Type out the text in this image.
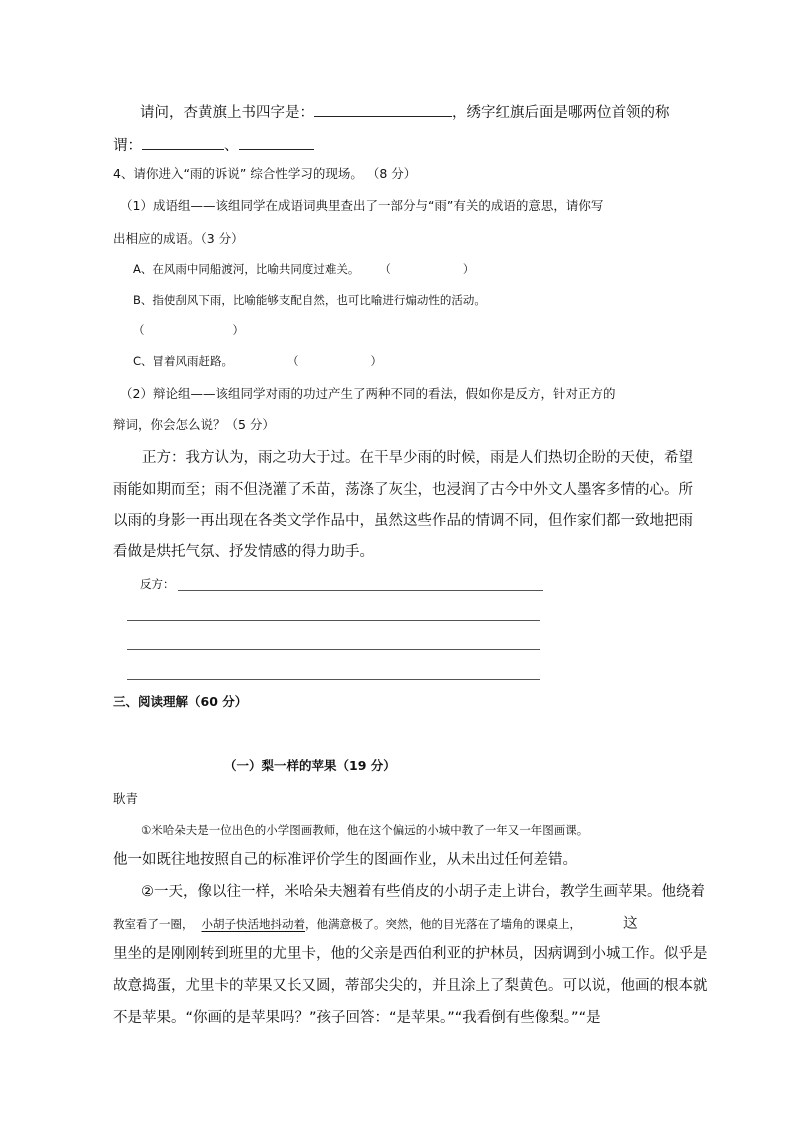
请问，杏黄旗上书四字是：	，绣字红旗后面是哪两位首领的称
谓：	、
4、请你进入“雨的诉说” 综合性学习的现场。 （8 分）
（1）成语组——该组同学在成语词典里查出了一部分与“雨”有关的成语的意思，请你写
出相应的成语。（3 分）
A、在风雨中同船渡河，比喻共同度过难关。 （	）
B、指使刮风下雨，比喻能够支配自然，也可比喻进行煽动性的活动。
（	）
C、冒着风雨赶路。	（	）
（2）辩论组——该组同学对雨的功过产生了两种不同的看法，假如你是反方，针对正方的
辩词，你会怎么说？（5 分）
正方：我方认为，雨之功大于过。在干旱少雨的时候，雨是人们热切企盼的天使，希望
雨能如期而至；雨不但浇灌了禾苗，荡涤了灰尘，也浸润了古今中外文人墨客多情的心。所
以雨的身影一再出现在各类文学作品中，虽然这些作品的情调不同，但作家们都一致地把雨
看做是烘托气氛、抒发情感的得力助手。
反方：
三、阅读理解（60 分）
（一）梨一样的苹果（19 分）
耿青
①米哈朵夫是一位出色的小学图画教师，他在这个偏远的小城中教了一年又一年图画课。
他一如既往地按照自己的标准评价学生的图画作业，从未出过任何差错。
②一天，像以往一样，米哈朵夫翘着有些俏皮的小胡子走上讲台，教学生画苹果。他绕着
教室看了一圈， 小胡子快活地抖动着，他满意极了。突然，他的目光落在了墙角的课桌上，	这
里坐的是刚刚转到班里的尤里卡，他的父亲是西伯利亚的护林员，因病调到小城工作。似乎是
故意捣蛋，尤里卡的苹果又长又圆，蒂部尖尖的，并且涂上了梨黄色。可以说，他画的根本就
不是苹果。“你画的是苹果吗？”孩子回答：“是苹果。”“我看倒有些像梨。”“是
